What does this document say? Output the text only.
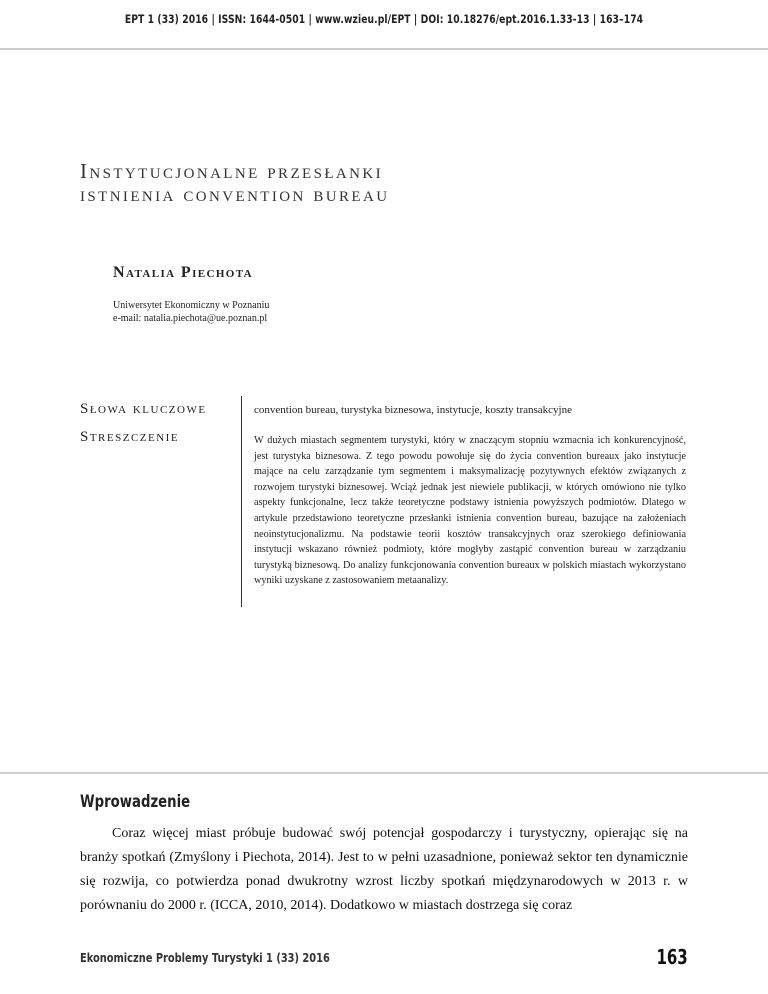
EPT 1 (33) 2016 | ISSN: 1644-0501 | www.wzieu.pl/EPT | DOI: 10.18276/ept.2016.1.33-13 | 163–174
Instytucjonalne przesłanki
istnienia convention bureau
Natalia Piechota
Uniwersytet Ekonomiczny w Poznaniu
e-mail: natalia.piechota@ue.poznan.pl
Słowa kluczowe
Streszczenie
convention bureau, turystyka biznesowa, instytucje, koszty transakcyjne
W dużych miastach segmentem turystyki, który w znaczącym stopniu wzmacnia ich konkurencyjność, jest turystyka biznesowa. Z tego powodu powołuje się do życia convention bureaux jako instytucje mające na celu zarządzanie tym segmentem i maksymalizację pozytywnych efektów związanych z rozwojem turystyki biznesowej. Wciąż jednak jest niewiele publikacji, w których omówiono nie tylko aspekty funkcjonalne, lecz także teoretyczne podstawy istnienia powyższych podmiotów. Dlatego w artykule przedstawiono teoretyczne przesłanki istnienia convention bureau, bazujące na założeniach neoinstytucjonalizmu. Na podstawie teorii kosztów transakcyjnych oraz szerokiego definiowania instytucji wskazano również podmioty, które mogłyby zastąpić convention bureau w zarządzaniu turystyką biznesową. Do analizy funkcjonowania convention bureaux w polskich miastach wykorzystano wyniki uzyskane z zastosowaniem metaanalizy.
Wprowadzenie

Coraz więcej miast próbuje budować swój potencjał gospodarczy i turystyczny, opierając się na branży spotkań (Zmyślony i Piechota, 2014). Jest to w pełni uzasadnione, ponieważ sektor ten dynamicznie się rozwija, co potwierdza ponad dwukrotny wzrost liczby spotkań międzynarodowych w 2013 r. w porównaniu do 2000 r. (ICCA, 2010, 2014). Dodatkowo w miastach dostrzega się coraz

Ekonomiczne Problemy Turystyki 1 (33) 2016	163
